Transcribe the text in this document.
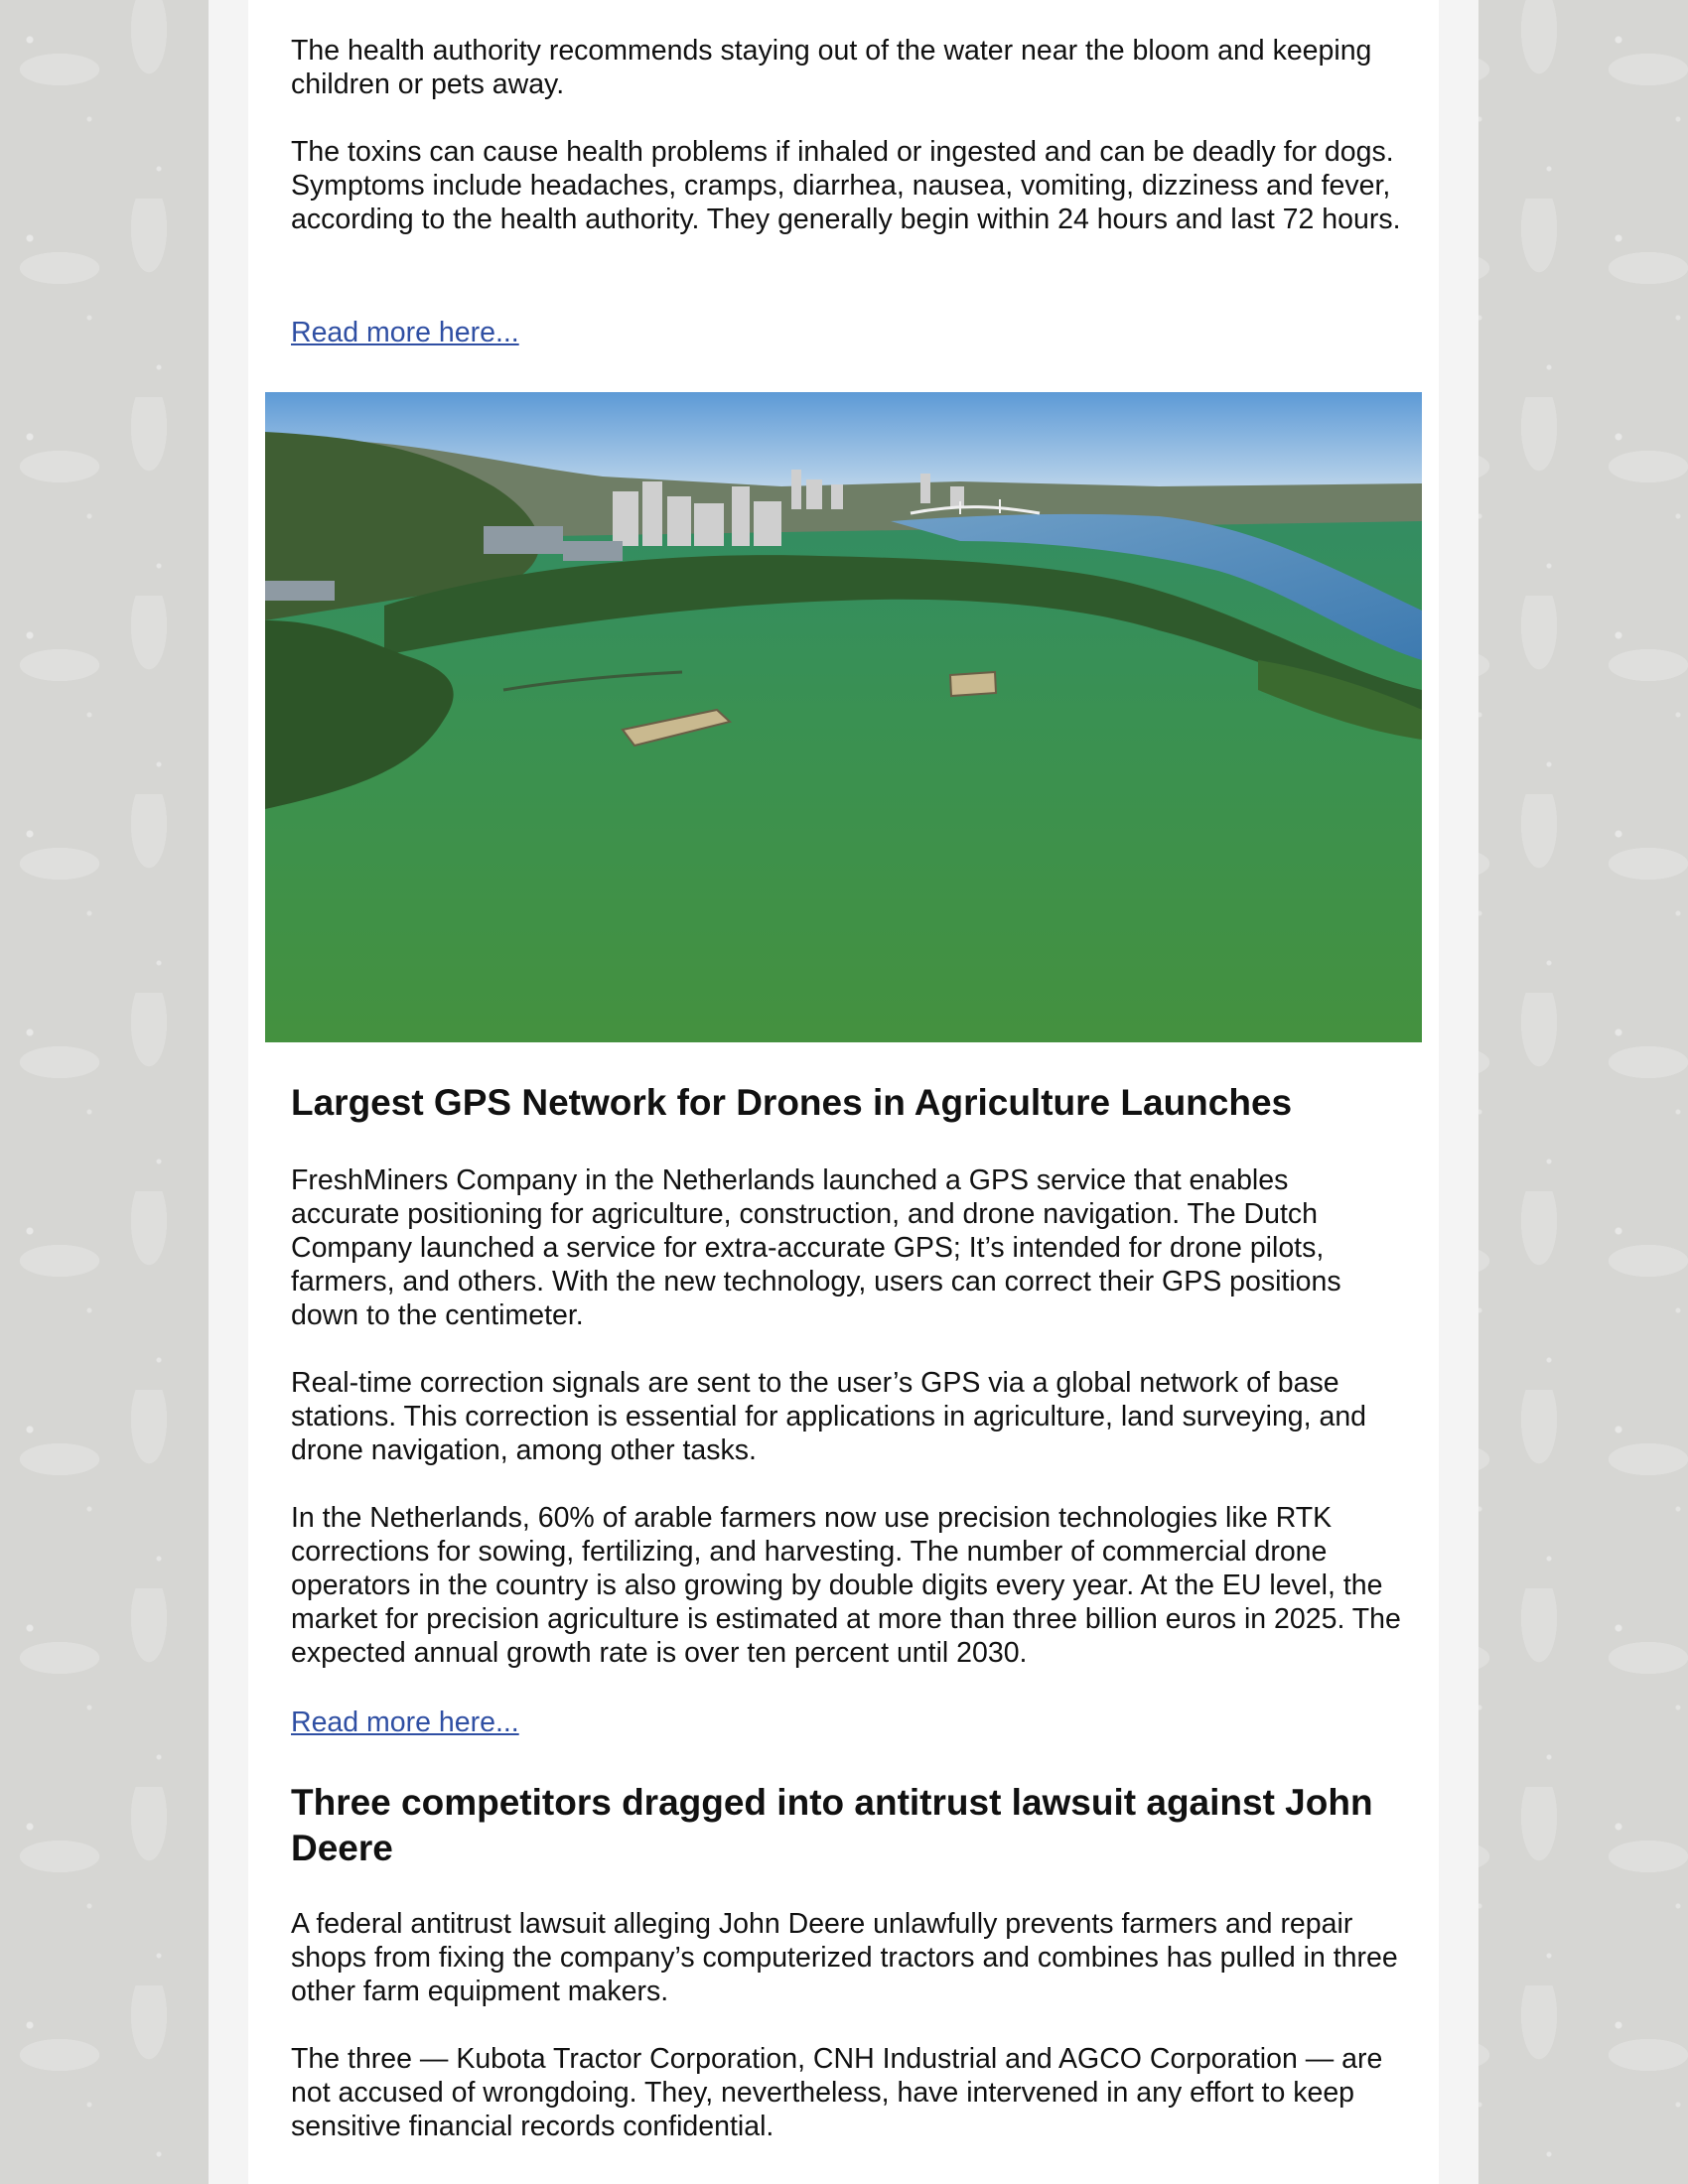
The health authority recommends staying out of the water near the bloom and keeping children or pets away.

The toxins can cause health problems if inhaled or ingested and can be deadly for dogs. Symptoms include headaches, cramps, diarrhea, nausea, vomiting, dizziness and fever, according to the health authority. They generally begin within 24 hours and last 72 hours.

Read more here...
Largest GPS Network for Drones in Agriculture Launches

FreshMiners Company in the Netherlands launched a GPS service that enables accurate positioning for agriculture, construction, and drone navigation. The Dutch Company launched a service for extra-accurate GPS; It’s intended for drone pilots, farmers, and others. With the new technology, users can correct their GPS positions down to the centimeter.

Real-time correction signals are sent to the user’s GPS via a global network of base stations. This correction is essential for applications in agriculture, land surveying, and drone navigation, among other tasks.

In the Netherlands, 60% of arable farmers now use precision technologies like RTK corrections for sowing, fertilizing, and harvesting. The number of commercial drone operators in the country is also growing by double digits every year. At the EU level, the market for precision agriculture is estimated at more than three billion euros in 2025. The expected annual growth rate is over ten percent until 2030.

Read more here...
Three competitors dragged into antitrust lawsuit against John Deere

A federal antitrust lawsuit alleging John Deere unlawfully prevents farmers and repair shops from fixing the company’s computerized tractors and combines has pulled in three other farm equipment makers.

The three — Kubota Tractor Corporation, CNH Industrial and AGCO Corporation — are not accused of wrongdoing. They, nevertheless, have intervened in any effort to keep sensitive financial records confidential.
